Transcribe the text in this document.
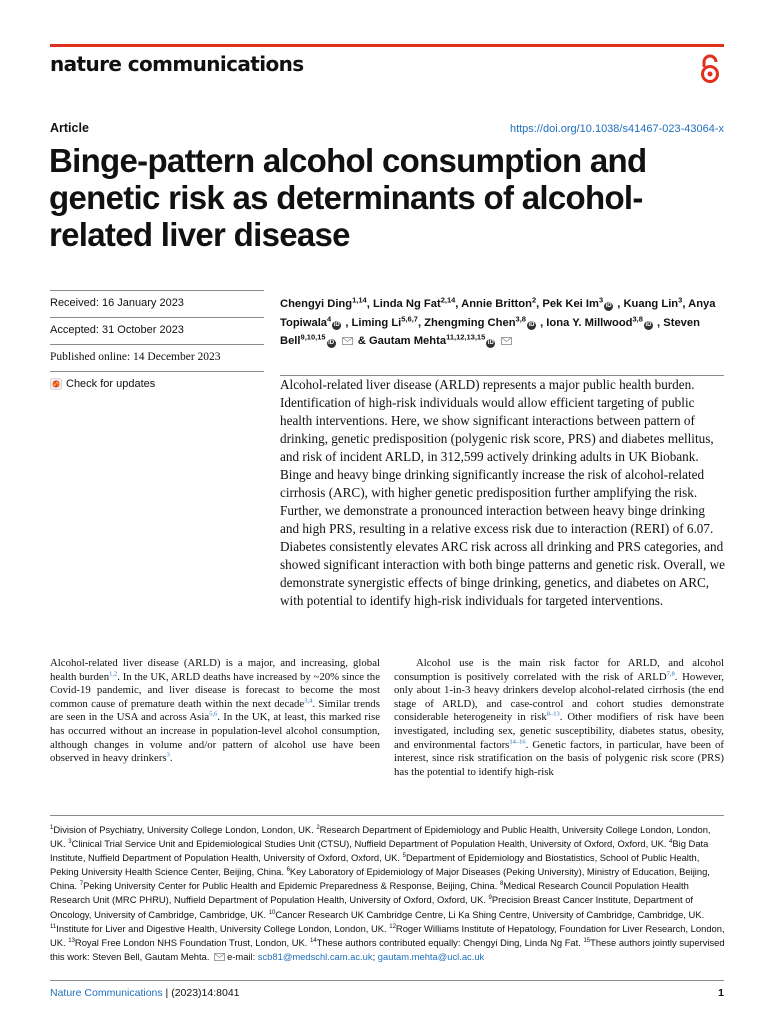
nature communications
Article	https://doi.org/10.1038/s41467-023-43064-x
Binge-pattern alcohol consumption and genetic risk as determinants of alcohol-related liver disease
Received: 16 January 2023
Accepted: 31 October 2023
Published online: 14 December 2023
Check for updates
Chengyi Ding$^{1,14}$, Linda Ng Fat$^{2,14}$, Annie Britton$^2$, Pek Kei Im$^3$iD , Kuang Lin$^3$, Anya Topiwala$^4$iD , Liming Li$^{5,6,7}$, Zhengming Chen$^{3,8}$iD , Iona Y. Millwood$^{3,8}$iD , Steven Bell$^{9,10,15}$iD  & Gautam Mehta$^{11,12,13,15}$iD

Alcohol-related liver disease (ARLD) represents a major public health burden. Identification of high-risk individuals would allow efficient targeting of public health interventions. Here, we show significant interactions between pattern of drinking, genetic predisposition (polygenic risk score, PRS) and diabetes mellitus, and risk of incident ARLD, in 312,599 actively drinking adults in UK Biobank. Binge and heavy binge drinking significantly increase the risk of alcohol-related cirrhosis (ARC), with higher genetic predisposition further amplifying the risk. Further, we demonstrate a pronounced interaction between heavy binge drinking and high PRS, resulting in a relative excess risk due to interaction (RERI) of 6.07. Diabetes consistently elevates ARC risk across all drinking and PRS categories, and showed significant interaction with both binge patterns and genetic risk. Overall, we demonstrate synergistic effects of binge drinking, genetics, and diabetes on ARC, with potential to identify high-risk individuals for targeted interventions.

Alcohol-related liver disease (ARLD) is a major, and increasing, global health burden$^{1,2}$. In the UK, ARLD deaths have increased by ~20% since the Covid-19 pandemic, and liver disease is forecast to become the most common cause of premature death within the next decade$^{3,4}$. Similar trends are seen in the USA and across Asia$^{5,6}$. In the UK, at least, this marked rise has occurred without an increase in population-level alcohol consumption, although changes in volume and/or pattern of alcohol use have been observed in heavy drinkers$^3$.
Alcohol use is the main risk factor for ARLD, and alcohol consumption is positively correlated with the risk of ARLD$^{7,8}$. However, only about 1-in-3 heavy drinkers develop alcohol-related cirrhosis (the end stage of ARLD), and case-control and cohort studies demonstrate considerable heterogeneity in risk$^{8-13}$. Other modifiers of risk have been investigated, including sex, genetic susceptibility, diabetes status, obesity, and environmental factors$^{14-16}$. Genetic factors, in particular, have been of interest, since risk stratification on the basis of polygenic risk score (PRS) has the potential to identify high-risk
$^1$Division of Psychiatry, University College London, London, UK. $^2$Research Department of Epidemiology and Public Health, University College London, London, UK. $^3$Clinical Trial Service Unit and Epidemiological Studies Unit (CTSU), Nuffield Department of Population Health, University of Oxford, Oxford, UK. $^4$Big Data Institute, Nuffield Department of Population Health, University of Oxford, Oxford, UK. $^5$Department of Epidemiology and Biostatistics, School of Public Health, Peking University Health Science Center, Beijing, China. $^6$Key Laboratory of Epidemiology of Major Diseases (Peking University), Ministry of Education, Beijing, China. $^7$Peking University Center for Public Health and Epidemic Preparedness & Response, Beijing, China. $^8$Medical Research Council Population Health Research Unit (MRC PHRU), Nuffield Department of Population Health, University of Oxford, Oxford, UK. $^9$Precision Breast Cancer Institute, Department of Oncology, University of Cambridge, Cambridge, UK. $^{10}$Cancer Research UK Cambridge Centre, Li Ka Shing Centre, University of Cambridge, Cambridge, UK. $^{11}$Institute for Liver and Digestive Health, University College London, London, UK. $^{12}$Roger Williams Institute of Hepatology, Foundation for Liver Research, London, UK. $^{13}$Royal Free London NHS Foundation Trust, London, UK. $^{14}$These authors contributed equally: Chengyi Ding, Linda Ng Fat. $^{15}$These authors jointly supervised this work: Steven Bell, Gautam Mehta. e-mail: scb81@medschl.cam.ac.uk; gautam.mehta@ucl.ac.uk
Nature Communications | (2023)14:8041	1
